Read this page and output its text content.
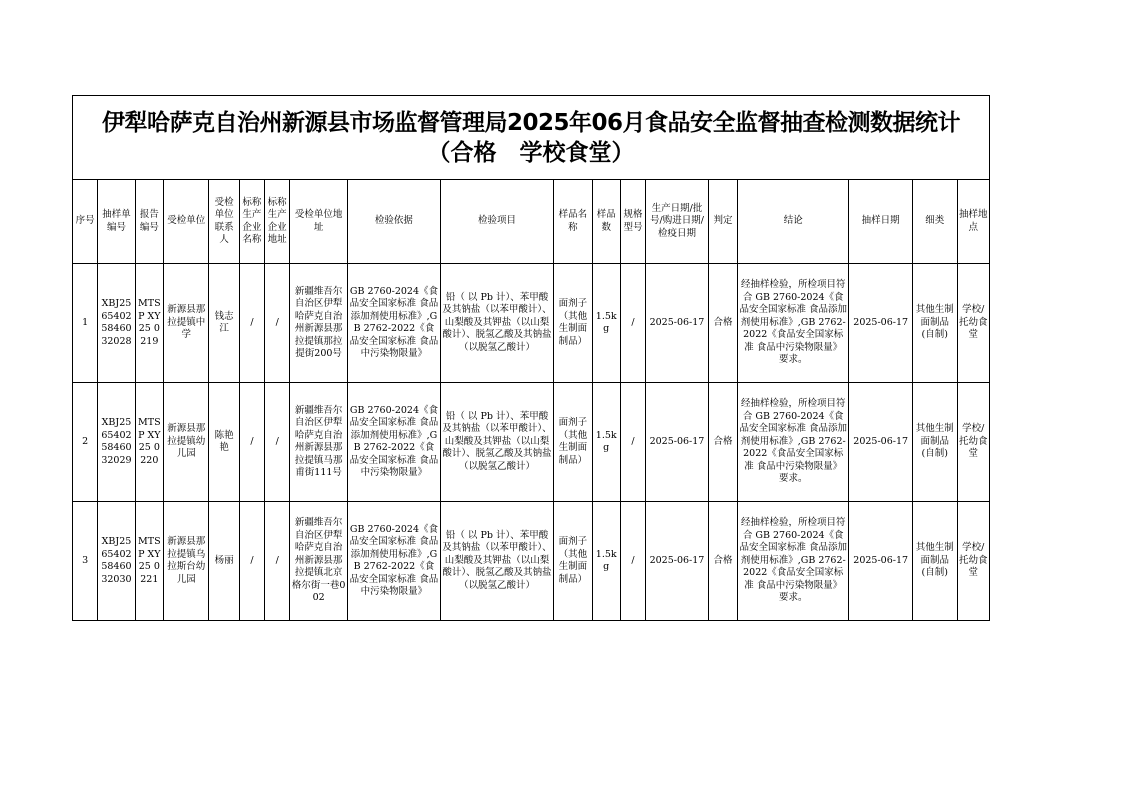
伊犁哈萨克自治州新源县市场监督管理局2025年06月食品安全监督抽查检测数据统计
（合格　学校食堂）
序号	抽样单编号	报告编号	受检单位	受检单位联系人	标称生产企业名称	标称生产企业地址	受检单位地址	检验依据	检验项目	样品名称	样品数	规格型号	生产日期/批号/购进日期/检疫日期	判定	结论	抽样日期	细类	抽样地点
1	XBJ25 65402 58460 32028	MTSP XY25 0219	新源县那拉提镇中学	钱志江	/	/	新疆维吾尔自治区伊犁哈萨克自治州新源县那拉提镇那拉提街200号	GB 2760-2024《食品安全国家标准 食品添加剂使用标准》,GB 2762-2022《食品安全国家标准 食品中污染物限量》	铅（ 以 Pb 计）、苯甲酸及其钠盐（以苯甲酸计）、山梨酸及其钾盐（以山梨酸计）、脱氢乙酸及其钠盐（以脱氢乙酸计）	面剂子（其他生制面制品）	1.5kg	/	2025-06-17	合格	经抽样检验，所检项目符合 GB 2760-2024《食品安全国家标准 食品添加剂使用标准》,GB 2762-2022《食品安全国家标准 食品中污染物限量》 要求。	2025-06-17	其他生制面制品(自制)	学校/托幼食堂
2	XBJ25 65402 58460 32029	MTSP XY25 0220	新源县那拉提镇幼儿园	陈艳艳	/	/	新疆维吾尔自治区伊犁哈萨克自治州新源县那拉提镇马那甫街111号	GB 2760-2024《食品安全国家标准 食品添加剂使用标准》,GB 2762-2022《食品安全国家标准 食品中污染物限量》	铅（ 以 Pb 计）、苯甲酸及其钠盐（以苯甲酸计）、山梨酸及其钾盐（以山梨酸计）、脱氢乙酸及其钠盐（以脱氢乙酸计）	面剂子（其他生制面制品）	1.5kg	/	2025-06-17	合格	经抽样检验，所检项目符合 GB 2760-2024《食品安全国家标准 食品添加剂使用标准》,GB 2762-2022《食品安全国家标准 食品中污染物限量》 要求。	2025-06-17	其他生制面制品(自制)	学校/托幼食堂
3	XBJ25 65402 58460 32030	MTSP XY25 0221	新源县那拉提镇乌拉斯台幼儿园	杨丽	/	/	新疆维吾尔自治区伊犁哈萨克自治州新源县那拉提镇北京格尔街一巷002	GB 2760-2024《食品安全国家标准 食品添加剂使用标准》,GB 2762-2022《食品安全国家标准 食品中污染物限量》	铅（ 以 Pb 计）、苯甲酸及其钠盐（以苯甲酸计）、山梨酸及其钾盐（以山梨酸计）、脱氢乙酸及其钠盐（以脱氢乙酸计）	面剂子（其他生制面制品）	1.5kg	/	2025-06-17	合格	经抽样检验，所检项目符合 GB 2760-2024《食品安全国家标准 食品添加剂使用标准》,GB 2762-2022《食品安全国家标准 食品中污染物限量》 要求。	2025-06-17	其他生制面制品(自制)	学校/托幼食堂
